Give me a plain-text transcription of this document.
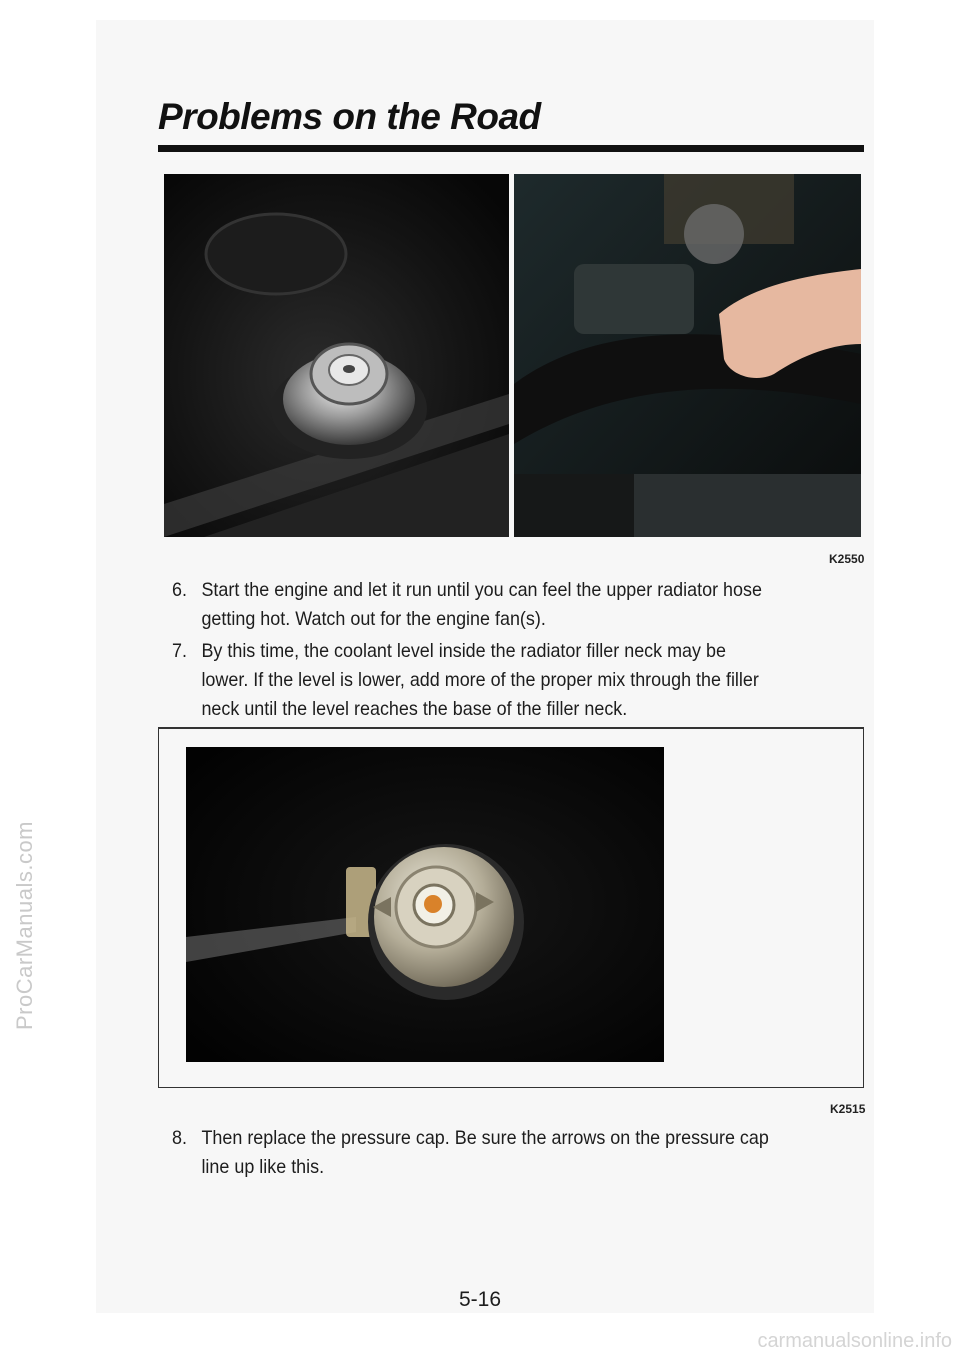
ProCarManuals.com
Problems on the Road
K2550

6. Start the engine and let it run until you can feel the upper radiator hose
getting hot. Watch out for the engine fan(s).

7. By this time, the coolant level inside the radiator filler neck may be
lower. If the level is lower, add more of the proper mix through the filler
neck until the level reaches the base of the filler neck.

K2515

8. Then replace the pressure cap. Be sure the arrows on the pressure cap
line up like this.

5-16
carmanualsonline.info
